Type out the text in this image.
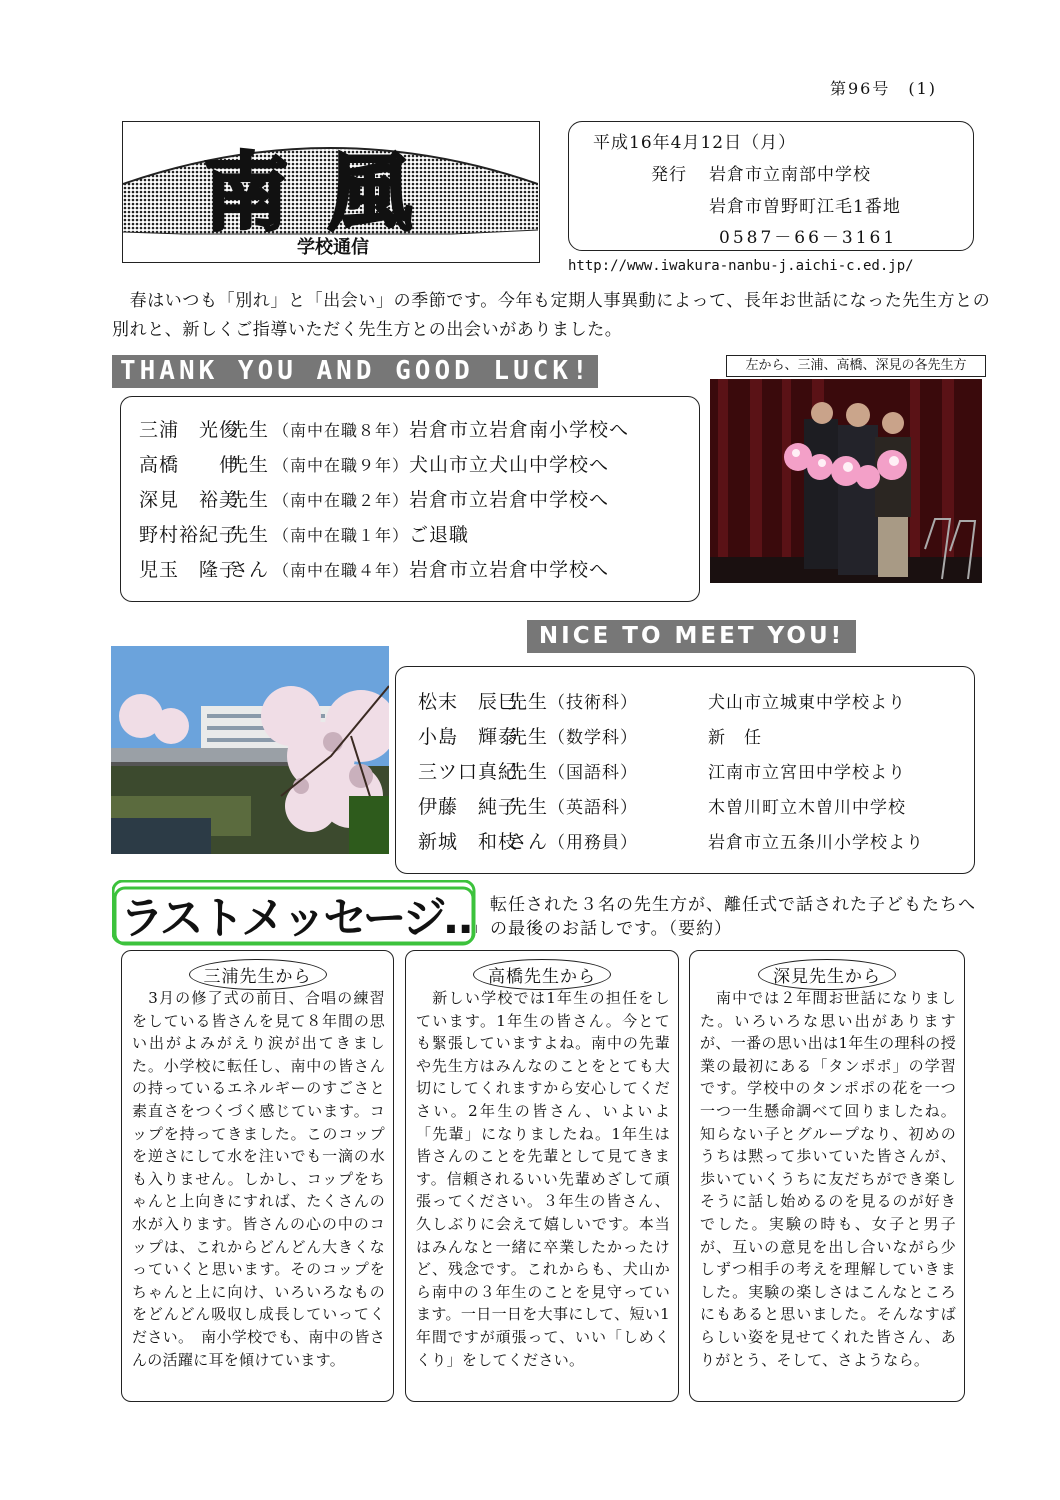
第96号　(1)
南風
学校通信
平成16年4月12日（月）
発行 岩倉市立南部中学校
岩倉市曽野町江毛1番地
0587－66－3161
http://www.iwakura-nanbu-j.aichi-c.ed.jp/
　春はいつも「別れ」と「出会い」の季節です。今年も定期人事異動によって、長年お世話になった先生方との別れと、新しくご指導いただく先生方との出会いがありました。
THANK YOU AND GOOD LUCK!	左から、三浦、高橋、深見の各先生方
三浦　光俊先生 （南中在職８年）岩倉市立岩倉南小学校へ
高橋　　伸先生 （南中在職９年）犬山市立犬山中学校へ
深見　裕美先生 （南中在職２年）岩倉市立岩倉中学校へ
野村裕紀子先生 （南中在職１年）ご退職
児玉　隆子さん （南中在職４年）岩倉市立岩倉中学校へ
NICE TO MEET YOU!
松末　辰巳先生（技術科）	犬山市立城東中学校より
小島　輝泰先生（数学科）	新　任
三ツ口真紀先生（国語科）	江南市立宮田中学校より
伊藤　純子先生（英語科）	木曽川町立木曽川中学校
新城　和枝さん（用務員）	岩倉市立五条川小学校より
ラストメッセージ… 転任された３名の先生方が、離任式で話された子どもたちへの最後のお話しです。（要約）
三浦先生から
　3月の修了式の前日、合唱の練習をしている皆さんを見て８年間の思い出がよみがえり涙が出てきました。小学校に転任し、南中の皆さんの持っているエネルギーのすごさと素直さをつくづく感じています。コップを持ってきました。このコップを逆さにして水を注いでも一滴の水も入りません。しかし、コップをちゃんと上向きにすれば、たくさんの水が入ります。皆さんの心の中のコップは、これからどんどん大きくなっていくと思います。そのコップをちゃんと上に向け、いろいろなものをどんどん吸収し成長していってください。　南小学校でも、南中の皆さんの活躍に耳を傾けています。
高橋先生から
　新しい学校では1年生の担任をしています。1年生の皆さん。今とても緊張していますよね。南中の先輩や先生方はみんなのことをとても大切にしてくれますから安心してください。2年生の皆さん、いよいよ「先輩」になりましたね。1年生は皆さんのことを先輩として見てきます。信頼されるいい先輩めざして頑張ってください。３年生の皆さん、久しぶりに会えて嬉しいです。本当はみんなと一緒に卒業したかったけど、残念です。これからも、犬山から南中の３年生のことを見守っています。一日一日を大事にして、短い1年間ですが頑張って、いい「しめくくり」をしてください。
深見先生から
　南中では２年間お世話になりました。いろいろな思い出がありますが、一番の思い出は1年生の理科の授業の最初にある「タンポポ」の学習です。学校中のタンポポの花を一つ一つ一生懸命調べて回りましたね。知らない子とグループなり、初めのうちは黙って歩いていた皆さんが、歩いていくうちに友だちができ楽しそうに話し始めるのを見るのが好きでした。実験の時も、女子と男子が、互いの意見を出し合いながら少しずつ相手の考えを理解していきました。実験の楽しさはこんなところにもあると思いました。そんなすばらしい姿を見せてくれた皆さん、ありがとう、そして、さようなら。
